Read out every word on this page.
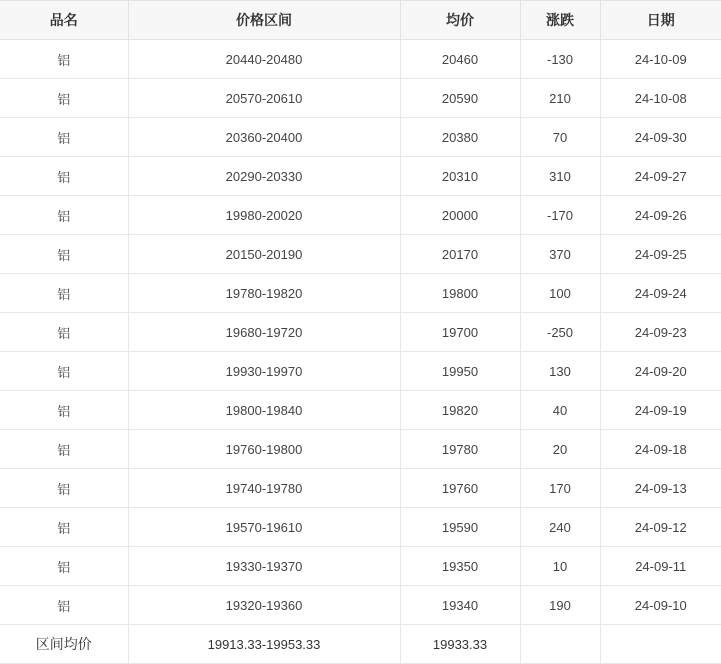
品名	价格区间	均价	涨跌	日期
铝	20440-20480	20460	-130	24-10-09
铝	20570-20610	20590	210	24-10-08
铝	20360-20400	20380	70	24-09-30
铝	20290-20330	20310	310	24-09-27
铝	19980-20020	20000	-170	24-09-26
铝	20150-20190	20170	370	24-09-25
铝	19780-19820	19800	100	24-09-24
铝	19680-19720	19700	-250	24-09-23
铝	19930-19970	19950	130	24-09-20
铝	19800-19840	19820	40	24-09-19
铝	19760-19800	19780	20	24-09-18
铝	19740-19780	19760	170	24-09-13
铝	19570-19610	19590	240	24-09-12
铝	19330-19370	19350	10	24-09-11
铝	19320-19360	19340	190	24-09-10
区间均价	19913.33-19953.33	19933.33		
